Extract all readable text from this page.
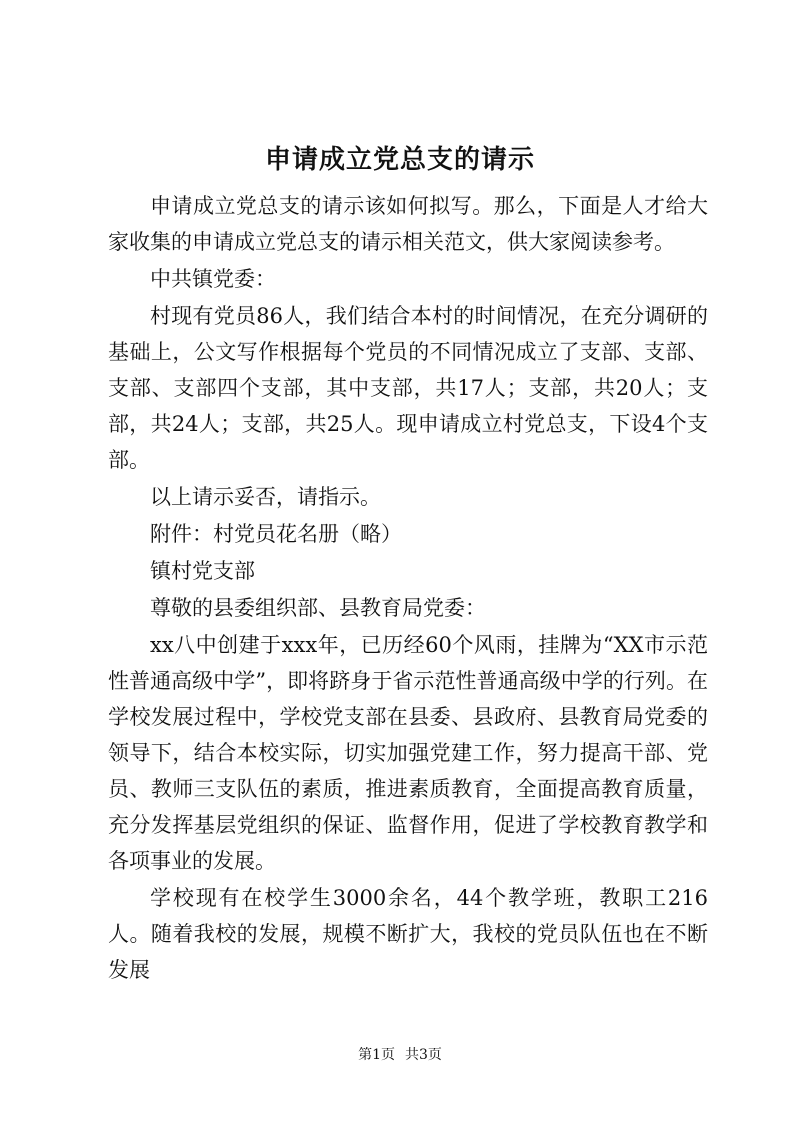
申请成立党总支的请示

申请成立党总支的请示该如何拟写。那么，下面是人才给大家收集的申请成立党总支的请示相关范文，供大家阅读参考。

中共镇党委：

村现有党员86人，我们结合本村的时间情况，在充分调研的基础上，公文写作根据每个党员的不同情况成立了支部、支部、支部、支部四个支部，其中支部，共17人；支部，共20人；支部，共24人；支部，共25人。现申请成立村党总支，下设4个支部。

以上请示妥否，请指示。

附件：村党员花名册（略）

镇村党支部

尊敬的县委组织部、县教育局党委：

xx八中创建于xxx年，已历经60个风雨，挂牌为“XX市示范性普通高级中学”，即将跻身于省示范性普通高级中学的行列。在学校发展过程中，学校党支部在县委、县政府、县教育局党委的领导下，结合本校实际，切实加强党建工作，努力提高干部、党员、教师三支队伍的素质，推进素质教育，全面提高教育质量，充分发挥基层党组织的保证、监督作用，促进了学校教育教学和各项事业的发展。

学校现有在校学生3000余名，44个教学班，教职工216人。随着我校的发展，规模不断扩大，我校的党员队伍也在不断发展

第1页 共3页
